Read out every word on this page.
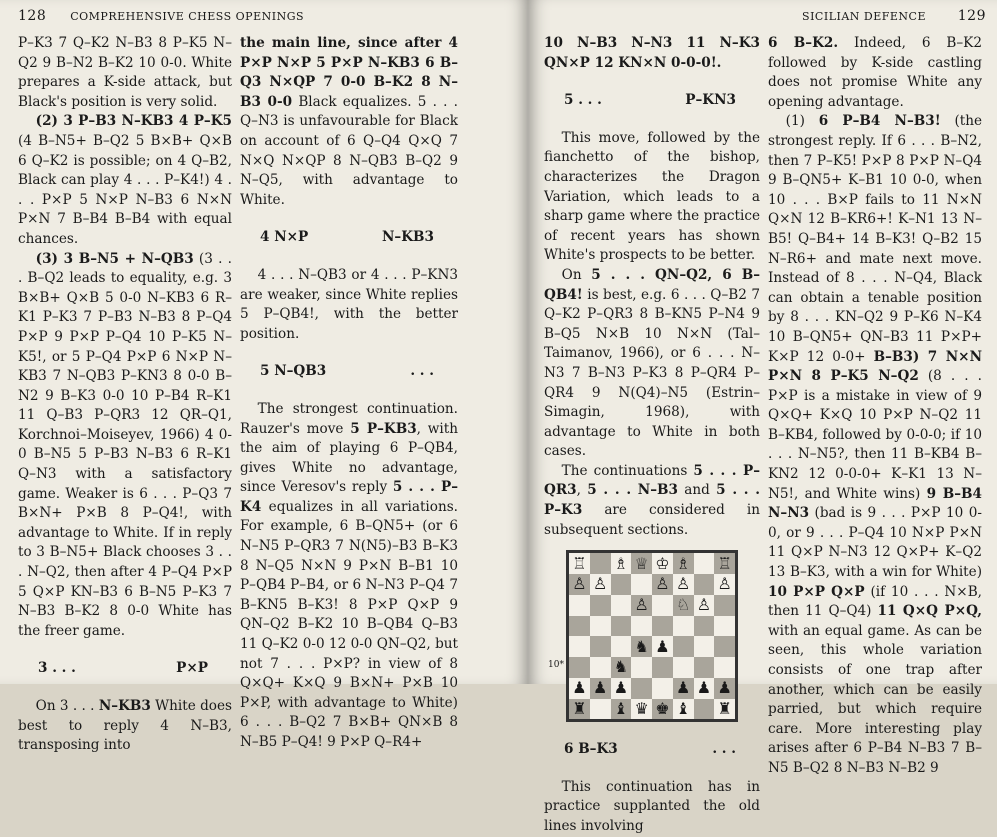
128 COMPREHENSIVE CHESS OPENINGS

P–K3 7 Q–K2 N–B3 8 P–K5 N–Q2 9 B–N2 B–K2 10 0-0. White prepares a K-side attack, but Black's position is very solid.

(2) 3 P–B3 N–KB3 4 P–K5 (4 B–N5+ B–Q2 5 B×B+ Q×B 6 Q–K2 is possible; on 4 Q–B2, Black can play 4 . . . P–K4!) 4 . . . P×P 5 N×P N–B3 6 N×N P×N 7 B–B4 B–B4 with equal chances.

(3) 3 B–N5 + N–QB3 (3 . . . B–Q2 leads to equality, e.g. 3 B×B+ Q×B 5 0-0 N–KB3 6 R–K1 P–K3 7 P–B3 N–B3 8 P–Q4 P×P 9 P×P P–Q4 10 P–K5 N–K5!, or 5 P–Q4 P×P 6 N×P N–KB3 7 N–QB3 P–KN3 8 0-0 B–N2 9 B–K3 0-0 10 P–B4 R–K1 11 Q–B3 P–QR3 12 QR–Q1, Korchnoi–Moiseyev, 1966) 4 0-0 B–N5 5 P–B3 N–B3 6 R–K1 Q–N3 with a satisfactory game. Weaker is 6 . . . P–Q3 7 B×N+ P×B 8 P–Q4!, with advantage to White. If in reply to 3 B–N5+ Black chooses 3 . . . N–Q2, then after 4 P–Q4 P×P 5 Q×P KN–B3 6 B–N5 P–K3 7 N–B3 B–K2 8 0-0 White has the freer game.

3 . . .	P×P

On 3 . . . N–KB3 White does best to reply 4 N–B3, transposing into

the main line, since after 4 P×P N×P 5 P×P N–KB3 6 B–Q3 N×QP 7 0-0 B–K2 8 N–B3 0-0 Black equalizes. 5 . . . Q–N3 is unfavourable for Black on account of 6 Q–Q4 Q×Q 7 N×Q N×QP 8 N–QB3 B–Q2 9 N–Q5, with advantage to White.

4 N×P	N–KB3

4 . . . N–QB3 or 4 . . . P–KN3 are weaker, since White replies 5 P–QB4!, with the better position.

5 N–QB3	. . .

The strongest continuation. Rauzer's move 5 P–KB3, with the aim of playing 6 P–QB4, gives White no advantage, since Veresov's reply 5 . . . P–K4 equalizes in all variations. For example, 6 B–QN5+ (or 6 N–N5 P–QR3 7 N(N5)–B3 B–K3 8 N–Q5 N×N 9 P×N B–B1 10 P–QB4 P–B4, or 6 N–N3 P–Q4 7 B–KN5 B–K3! 8 P×P Q×P 9 QN–Q2 B–K2 10 B–QB4 Q–B3 11 Q–K2 0-0 12 0-0 QN–Q2, but not 7 . . . P×P? in view of 8 Q×Q+ K×Q 9 B×N+ P×B 10 P×P, with advantage to White) 6 . . . B–Q2 7 B×B+ QN×B 8 N–B5 P–Q4! 9 P×P Q–R4+

SICILIAN DEFENCE 129

10 N–B3 N–N3 11 N–K3 QN×P 12 KN×N 0-0-0!.

5 . . .	P–KN3

This move, followed by the fianchetto of the bishop, characterizes the Dragon Variation, which leads to a sharp game where the practice of recent years has shown White's prospects to be better.

On 5 . . . QN–Q2, 6 B–QB4! is best, e.g. 6 . . . Q–B2 7 Q–K2 P–QR3 8 B–KN5 P–N4 9 B–Q5 N×B 10 N×N (Tal–Taimanov, 1966), or 6 . . . N–N3 7 B–N3 P–K3 8 P–QR4 P–QR4 9 N(Q4)–N5 (Estrin–Simagin, 1968), with advantage to White in both cases.

The continuations 5 . . . P–QR3, 5 . . . N–B3 and 5 . . . P–K3 are considered in subsequent sections.

♖ ♗ ♕ ♔ ♗ ♖
♙ ♙	♙ ♙ ♙
♙ ♘ ♙
♞ ♟
♞
♟ ♟ ♟	♟ ♟ ♟
♜ ♝ ♛ ♚ ♝ ♜
6 B–K3	. . .

This continuation has in practice supplanted the old lines involving

6 B–K2. Indeed, 6 B–K2 followed by K-side castling does not promise White any opening advantage.

(1) 6 P–B4 N–B3! (the strongest reply. If 6 . . . B–N2, then 7 P–K5! P×P 8 P×P N–Q4 9 B–QN5+ K–B1 10 0-0, when 10 . . . B×P fails to 11 N×N Q×N 12 B–KR6+! K–N1 13 N–B5! Q–B4+ 14 B–K3! Q–B2 15 N–R6+ and mate next move. Instead of 8 . . . N–Q4, Black can obtain a tenable position by 8 . . . KN–Q2 9 P–K6 N–K4 10 B–QN5+ QN–B3 11 P×P+ K×P 12 0-0+ B–B3) 7 N×N P×N 8 P–K5 N–Q2 (8 . . . P×P is a mistake in view of 9 Q×Q+ K×Q 10 P×P N–Q2 11 B–KB4, followed by 0-0-0; if 10 . . . N–N5?, then 11 B–KB4 B–KN2 12 0-0-0+ K–K1 13 N–N5!, and White wins) 9 B–B4 N–N3 (bad is 9 . . . P×P 10 0-0, or 9 . . . P–Q4 10 N×P P×N 11 Q×P N–N3 12 Q×P+ K–Q2 13 B–K3, with a win for White) 10 P×P Q×P (if 10 . . . N×B, then 11 Q–Q4) 11 Q×Q P×Q, with an equal game. As can be seen, this whole variation consists of one trap after another, which can be easily parried, but which require care. More interesting play arises after 6 P–B4 N–B3 7 B–N5 B–Q2 8 N–B3 N–B2 9

10*
